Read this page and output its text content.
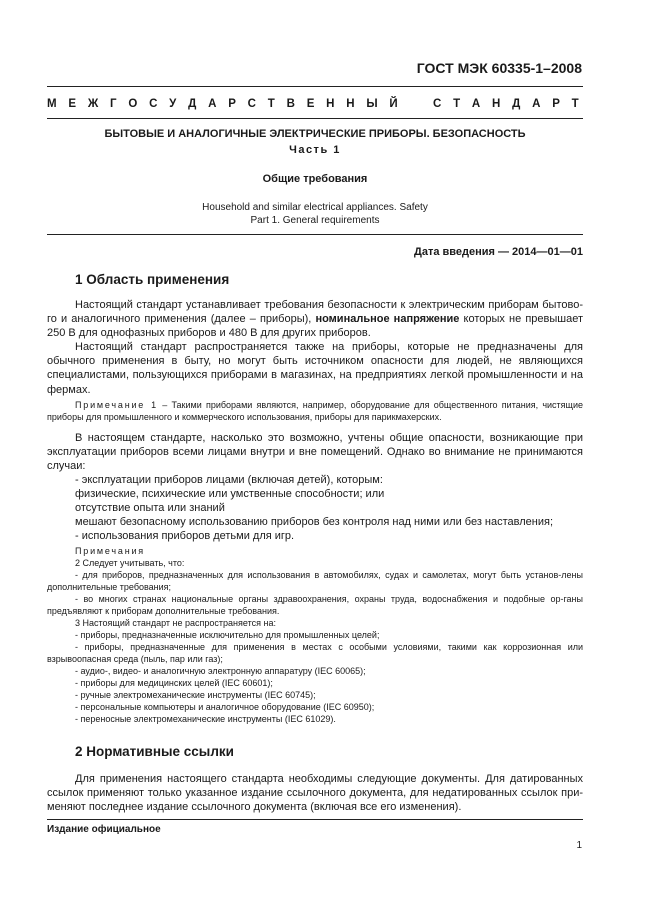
ГОСТ МЭК 60335-1–2008
М Е Ж Г О С У Д А Р С Т В Е Н Н Ы Й	С Т А Н Д А Р Т
БЫТОВЫЕ И АНАЛОГИЧНЫЕ ЭЛЕКТРИЧЕСКИЕ ПРИБОРЫ. БЕЗОПАСНОСТЬ
Часть 1
Общие требования
Household and similar electrical appliances. Safety
Part 1. General requirements
Дата введения — 2014—01—01
1 Область применения

Настоящий стандарт устанавливает требования безопасности к электрическим приборам бытово-го и аналогичного применения (далее – приборы), номинальное напряжение которых не превышает 250 В для однофазных приборов и 480 В для других приборов.

Настоящий стандарт распространяется также на приборы, которые не предназначены для обычного применения в быту, но могут быть источником опасности для людей, не являющихся специалистами, пользующихся приборами в магазинах, на предприятиях легкой промышленности и на фермах.

Примечание 1 – Такими приборами являются, например, оборудование для общественного питания, чистящие приборы для промышленного и коммерческого использования, приборы для парикмахерских.

В настоящем стандарте, насколько это возможно, учтены общие опасности, возникающие при эксплуатации приборов всеми лицами внутри и вне помещений. Однако во внимание не принимаются случаи:

- эксплуатации приборов лицами (включая детей), которым:
физические, психические или умственные способности; или
отсутствие опыта или знаний
мешают безопасному использованию приборов без контроля над ними или без наставления;
- использования приборов детьми для игр.
Примечания
2 Следует учитывать, что:

- для приборов, предназначенных для использования в автомобилях, судах и самолетах, могут быть установ-лены дополнительные требования;

- во многих странах национальные органы здравоохранения, охраны труда, водоснабжения и подобные ор-ганы предъявляют к приборам дополнительные требования.

3 Настоящий стандарт не распространяется на:
- приборы, предназначенные исключительно для промышленных целей;

- приборы, предназначенные для применения в местах с особыми условиями, такими как коррозионная или взрывоопасная среда (пыль, пар или газ);

- аудио-, видео- и аналогичную электронную аппаратуру (IEC 60065);
- приборы для медицинских целей (IEC 60601);
- ручные электромеханические инструменты (IEC 60745);
- персональные компьютеры и аналогичное оборудование (IEC 60950);
- переносные электромеханические инструменты (IEC 61029).
2 Нормативные ссылки

Для применения настоящего стандарта необходимы следующие документы. Для датированных ссылок применяют только указанное издание ссылочного документа, для недатированных ссылок при-меняют последнее издание ссылочного документа (включая все его изменения).

Издание официальное
1
